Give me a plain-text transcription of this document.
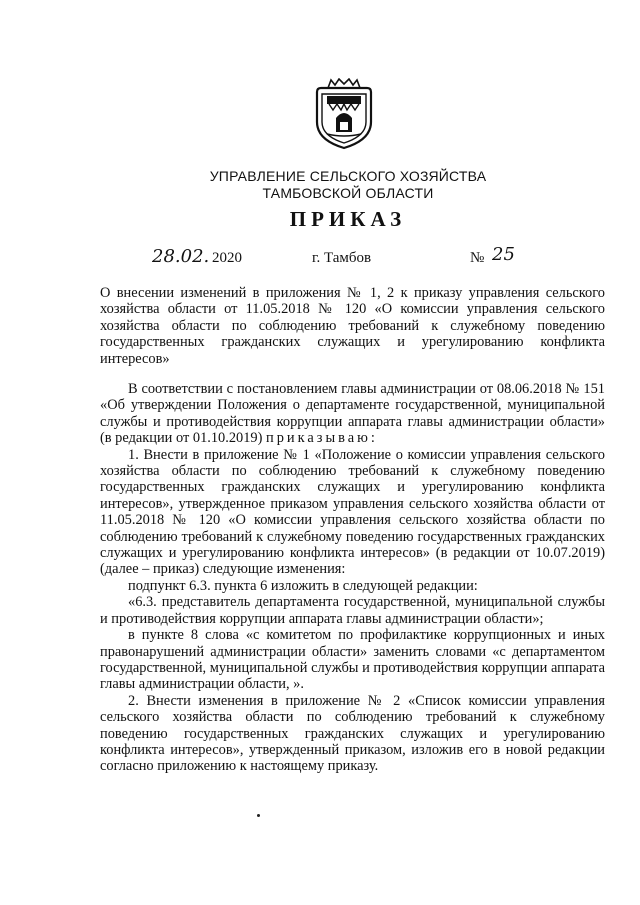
УПРАВЛЕНИЕ СЕЛЬСКОГО ХОЗЯЙСТВА
ТАМБОВСКОЙ ОБЛАСТИ
ПРИКАЗ
28.02. 2020	г. Тамбов	№ 25
О внесении изменений в приложения № 1, 2 к приказу управления сельского хозяйства области от 11.05.2018 № 120 «О комиссии управления сельского хозяйства области по соблюдению требований к служебному поведению государственных гражданских служащих и урегулированию конфликта интересов»

В соответствии с постановлением главы администрации от 08.06.2018 № 151 «Об утверждении Положения о департаменте государственной, муниципальной службы и противодействия коррупции аппарата главы администрации области» (в редакции от 01.10.2019) приказываю:

1. Внести в приложение № 1 «Положение о комиссии управления сельского хозяйства области по соблюдению требований к служебному поведению государственных гражданских служащих и урегулированию конфликта интересов», утвержденное приказом управления сельского хозяйства области от 11.05.2018 № 120 «О комиссии управления сельского хозяйства области по соблюдению требований к служебному поведению государственных гражданских служащих и урегулированию конфликта интересов» (в редакции от 10.07.2019) (далее – приказ) следующие изменения:

подпункт 6.3. пункта 6 изложить в следующей редакции:

«6.3. представитель департамента государственной, муниципальной службы и противодействия коррупции аппарата главы администрации области»;

в пункте 8 слова «с комитетом по профилактике коррупционных и иных правонарушений администрации области» заменить словами «с департаментом государственной, муниципальной службы и противодействия коррупции аппарата главы администрации области, ».

2. Внести изменения в приложение № 2 «Список комиссии управления сельского хозяйства области по соблюдению требований к служебному поведению государственных гражданских служащих и урегулированию конфликта интересов», утвержденный приказом, изложив его в новой редакции согласно приложению к настоящему приказу.
